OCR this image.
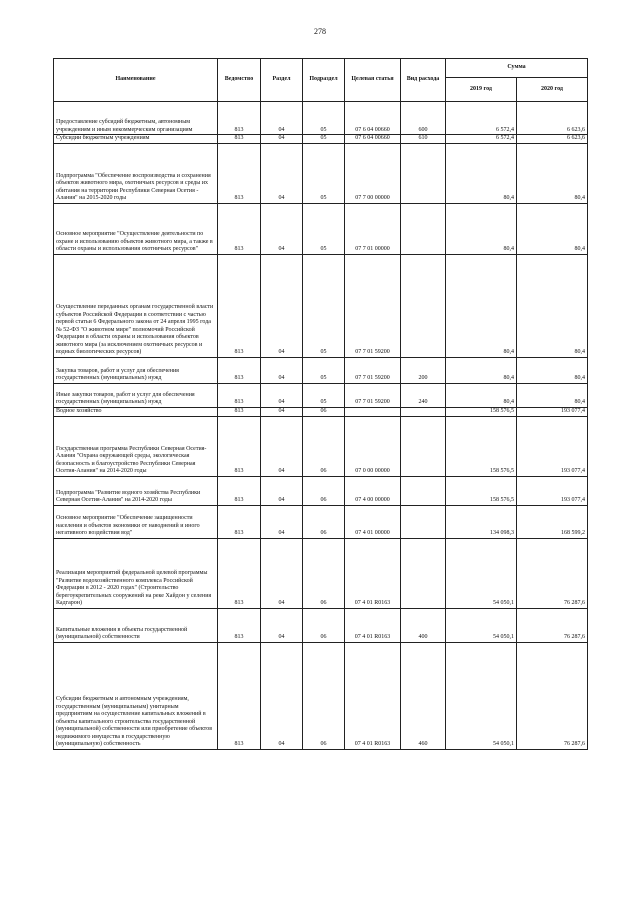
278
Наименование	Ведомство	Раздел	Подраздел	Целевая статья	Вид расхода	Сумма	
						2019 год	2020 год
Предоставление субсидий бюджетным, автономным учреждениям и иным некоммерческим организациям	813	04	05	07 6 04 00660	600	6 572,4	6 623,6
Субсидии бюджетным учреждениям	813	04	05	07 6 04 00660	610	6 572,4	6 623,6
Подпрограмма "Обеспечение воспроизводства и сохранения объектов животного мира, охотничьих ресурсов и среды их обитания на территории Республики Северная Осетия - Алания" на 2015-2020 годы	813	04	05	07 7 00 00000		80,4	80,4
Основное мероприятие "Осуществление деятельности по охране и использованию объектов животного мира, а также в области охраны и использования охотничьих ресурсов"	813	04	05	07 7 01 00000		80,4	80,4
Осуществление переданных органам государственной власти субъектов Российской Федерации в соответствии с частью первой статьи 6 Федерального закона от 24 апреля 1995 года № 52-ФЗ "О животном мире" полномочий Российской Федерации в области охраны и использования объектов животного мира (за исключением охотничьих ресурсов и водных биологических ресурсов)	813	04	05	07 7 01 59200		80,4	80,4
Закупка товаров, работ и услуг для обеспечения государственных (муниципальных) нужд	813	04	05	07 7 01 59200	200	80,4	80,4
Иные закупки товаров, работ и услуг для обеспечения государственных (муниципальных) нужд	813	04	05	07 7 01 59200	240	80,4	80,4
Водное хозяйство	813	04	06			158 576,5	193 077,4
Государственная программа Республики Северная Осетия-Алания "Охрана окружающей среды, экологическая безопасность и благоустройство Республики Северная Осетия-Алания" на 2014-2020 годы	813	04	06	07 0 00 00000		158 576,5	193 077,4
Подпрограмма "Развитие водного хозяйства Республики Северная Осетия-Алания" на 2014-2020 годы	813	04	06	07 4 00 00000		158 576,5	193 077,4
Основное мероприятие "Обеспечение защищенности населения и объектов экономики от наводнений и иного негативного воздействия вод"	813	04	06	07 4 01 00000		134 098,3	168 599,2
Реализация мероприятий федеральной целевой программы "Развитие водохозяйственного комплекса Российской Федерации в 2012 - 2020 годах" (Строительство берегоукрепительных сооружений на реке Хайдон у селения Кадгарон)	813	04	06	07 4 01 R0163		54 050,1	76 287,6
Капитальные вложения в объекты государственной (муниципальной) собственности	813	04	06	07 4 01 R0163	400	54 050,1	76 287,6
Субсидии бюджетным и автономным учреждениям, государственным (муниципальным) унитарным предприятиям на осуществление капитальных вложений в объекты капитального строительства государственной (муниципальной) собственности или приобретение объектов недвижимого имущества в государственную (муниципальную) собственность	813	04	06	07 4 01 R0163	460	54 050,1	76 287,6
